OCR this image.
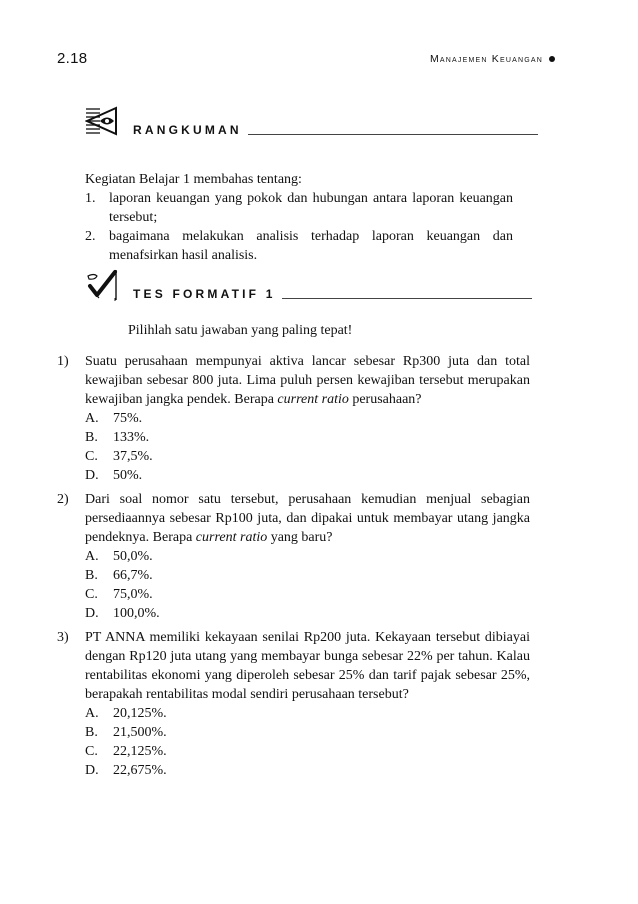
2.18	Manajemen Keuangan
RANGKUMAN
Kegiatan Belajar 1 membahas tentang:
1. laporan keuangan yang pokok dan hubungan antara laporan keuangan tersebut;
2. bagaimana melakukan analisis terhadap laporan keuangan dan menafsirkan hasil analisis.
TES FORMATIF 1
Pilihlah satu jawaban yang paling tepat!
1)	Suatu perusahaan mempunyai aktiva lancar sebesar Rp300 juta dan total kewajiban sebesar 800 juta. Lima puluh persen kewajiban tersebut merupakan kewajiban jangka pendek. Berapa current ratio perusahaan?
A.	75%.
B.	133%.
C.	37,5%.
D.	50%.
2)	Dari soal nomor satu tersebut, perusahaan kemudian menjual sebagian persediaannya sebesar Rp100 juta, dan dipakai untuk membayar utang jangka pendeknya. Berapa current ratio yang baru?
A.	50,0%.
B.	66,7%.
C.	75,0%.
D.	100,0%.
3)	PT ANNA memiliki kekayaan senilai Rp200 juta. Kekayaan tersebut dibiayai dengan Rp120 juta utang yang membayar bunga sebesar 22% per tahun. Kalau rentabilitas ekonomi yang diperoleh sebesar 25% dan tarif pajak sebesar 25%, berapakah rentabilitas modal sendiri perusahaan tersebut?
A.	20,125%.
B.	21,500%.
C.	22,125%.
D.	22,675%.
